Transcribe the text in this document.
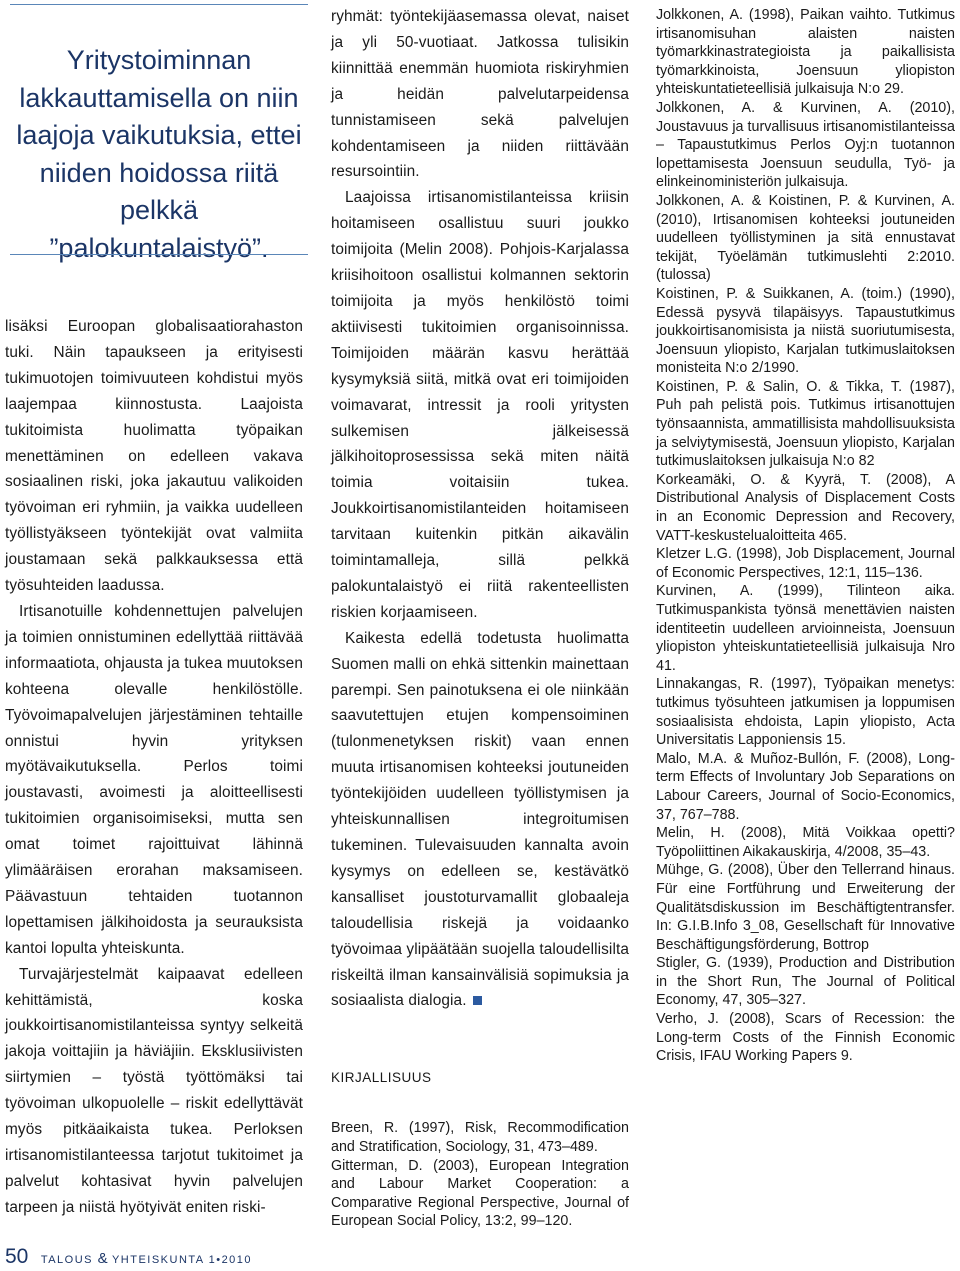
Yritystoiminnan lakkauttamisella on niin laajoja vaikutuksia, ettei niiden hoidossa riitä pelkkä ”palokuntalaistyö”.

lisäksi Euroopan globalisaatiorahaston tuki. Näin tapaukseen ja erityisesti tukimuotojen toimivuuteen kohdistui myös laajempaa kiinnostusta. Laajoista tukitoimista huolimatta työpaikan menettäminen on edelleen vakava sosiaalinen riski, joka jakautuu valikoiden työvoiman eri ryhmiin, ja vaikka uudelleen työllistyäkseen työntekijät ovat valmiita joustamaan sekä palkkauksessa että työsuhteiden laadussa.

Irtisanotuille kohdennettujen palvelujen ja toimien onnistuminen edellyttää riittävää informaatiota, ohjausta ja tukea muutoksen kohteena olevalle henkilöstölle. Työvoimapalvelujen järjestäminen tehtaille onnistui hyvin yrityksen myötävaikutuksella. Perlos toimi joustavasti, avoimesti ja aloitteellisesti tukitoimien organisoimiseksi, mutta sen omat toimet rajoittuivat lähinnä ylimääräisen erorahan maksamiseen. Päävastuun tehtaiden tuotannon lopettamisen jälkihoidosta ja seurauksista kantoi lopulta yhteiskunta.

Turvajärjestelmät kaipaavat edelleen kehittämistä, koska joukkoirtisanomistilanteissa syntyy selkeitä jakoja voittajiin ja häviäjiin. Eksklusiivisten siirtymien – työstä työttömäksi tai työvoiman ulkopuolelle – riskit edellyttävät myös pitkäaikaista tukea. Perloksen irtisanomistilanteessa tarjotut tukitoimet ja palvelut kohtasivat hyvin palvelujen tarpeen ja niistä hyötyivät eniten riski-

ryhmät: työntekijäasemassa olevat, naiset ja yli 50-vuotiaat. Jatkossa tulisikin kiinnittää enemmän huomiota riskiryhmien ja heidän palvelutarpeidensa tunnistamiseen sekä palvelujen kohdentamiseen ja niiden riittävään resursointiin.

Laajoissa irtisanomistilanteissa kriisin hoitamiseen osallistuu suuri joukko toimijoita (Melin 2008). Pohjois-Karjalassa kriisihoitoon osallistui kolmannen sektorin toimijoita ja myös henkilöstö toimi aktiivisesti tukitoimien organisoinnissa. Toimijoiden määrän kasvu herättää kysymyksiä siitä, mitkä ovat eri toimijoiden voimavarat, intressit ja rooli yritysten sulkemisen jälkeisessä jälkihoitoprosessissa sekä miten näitä toimia voitaisiin tukea. Joukkoirtisanomistilanteiden hoitamiseen tarvitaan kuitenkin pitkän aikavälin toimintamalleja, sillä pelkkä palokuntalaistyö ei riitä rakenteellisten riskien korjaamiseen.

Kaikesta edellä todetusta huolimatta Suomen malli on ehkä sittenkin mainettaan parempi. Sen painotuksena ei ole niinkään saavutettujen etujen kompensoiminen (tulonmenetyksen riskit) vaan ennen muuta irtisanomisen kohteeksi joutuneiden työntekijöiden uudelleen työllistymisen ja yhteiskunnallisen integroitumisen tukeminen. Tulevaisuuden kannalta avoin kysymys on edelleen se, kestävätkö kansalliset joustoturvamallit globaaleja taloudellisia riskejä ja voidaanko työvoimaa ylipäätään suojella taloudellisilta riskeiltä ilman kansainvälisiä sopimuksia ja sosiaalista dialogia.

KIRJALLISUUS

Breen, R. (1997), Risk, Recommodification and Stratification, Sociology, 31, 473–489.

Gitterman, D. (2003), European Integration and Labour Market Cooperation: a Comparative Regional Perspective, Journal of European Social Policy, 13:2, 99–120.

Jolkkonen, A. (1998), Paikan vaihto. Tutkimus irtisanomisuhan alaisten naisten työmarkkinastrategioista ja paikallisista työmarkkinoista, Joensuun yliopiston yhteiskuntatieteellisiä julkaisuja N:o 29.

Jolkkonen, A. & Kurvinen, A. (2010), Joustavuus ja turvallisuus irtisanomistilanteissa – Tapaustutkimus Perlos Oyj:n tuotannon lopettamisesta Joensuun seudulla, Työ- ja elinkeinoministeriön julkaisuja.

Jolkkonen, A. & Koistinen, P. & Kurvinen, A. (2010), Irtisanomisen kohteeksi joutuneiden uudelleen työllistyminen ja sitä ennustavat tekijät, Työelämän tutkimuslehti 2:2010. (tulossa)

Koistinen, P. & Suikkanen, A. (toim.) (1990), Edessä pysyvä tilapäisyys. Tapaustutkimus joukkoirtisanomisista ja niistä suoriutumisesta, Joensuun yliopisto, Karjalan tutkimuslaitoksen monisteita N:o 2/1990.

Koistinen, P. & Salin, O. & Tikka, T. (1987), Puh pah pelistä pois. Tutkimus irtisanottujen työnsaannista, ammatillisista mahdollisuuksista ja selviytymisestä, Joensuun yliopisto, Karjalan tutkimuslaitoksen julkaisuja N:o 82

Korkeamäki, O. & Kyyrä, T. (2008), A Distributional Analysis of Displacement Costs in an Economic Depression and Recovery, VATT-keskustelualoitteita 465.

Kletzer L.G. (1998), Job Displacement, Journal of Economic Perspectives, 12:1, 115–136.

Kurvinen, A. (1999), Tilinteon aika. Tutkimuspankista työnsä menettävien naisten identiteetin uudelleen arvioinneista, Joensuun yliopiston yhteiskuntatieteellisiä julkaisuja Nro 41.

Linnakangas, R. (1997), Työpaikan menetys: tutkimus työsuhteen jatkumisen ja loppumisen sosiaalisista ehdoista, Lapin yliopisto, Acta Universitatis Lapponiensis 15.

Malo, M.A. & Muñoz-Bullón, F. (2008), Long-term Effects of Involuntary Job Separations on Labour Careers, Journal of Socio-Economics, 37, 767–788.

Melin, H. (2008), Mitä Voikkaa opetti? Työpoliittinen Aikakauskirja, 4/2008, 35–43.

Mühge, G. (2008), Über den Tellerrand hinaus. Für eine Fortführung und Erweiterung der Qualitätsdiskussion im Beschäftigtentransfer. In: G.I.B.Info 3_08, Gesellschaft für Innovative Beschäftigungsförderung, Bottrop

Stigler, G. (1939), Production and Distribution in the Short Run, The Journal of Political Economy, 47, 305–327.

Verho, J. (2008), Scars of Recession: the Long-term Costs of the Finnish Economic Crisis, IFAU Working Papers 9.

50 TALOUS & YHTEISKUNTA 1•2010
